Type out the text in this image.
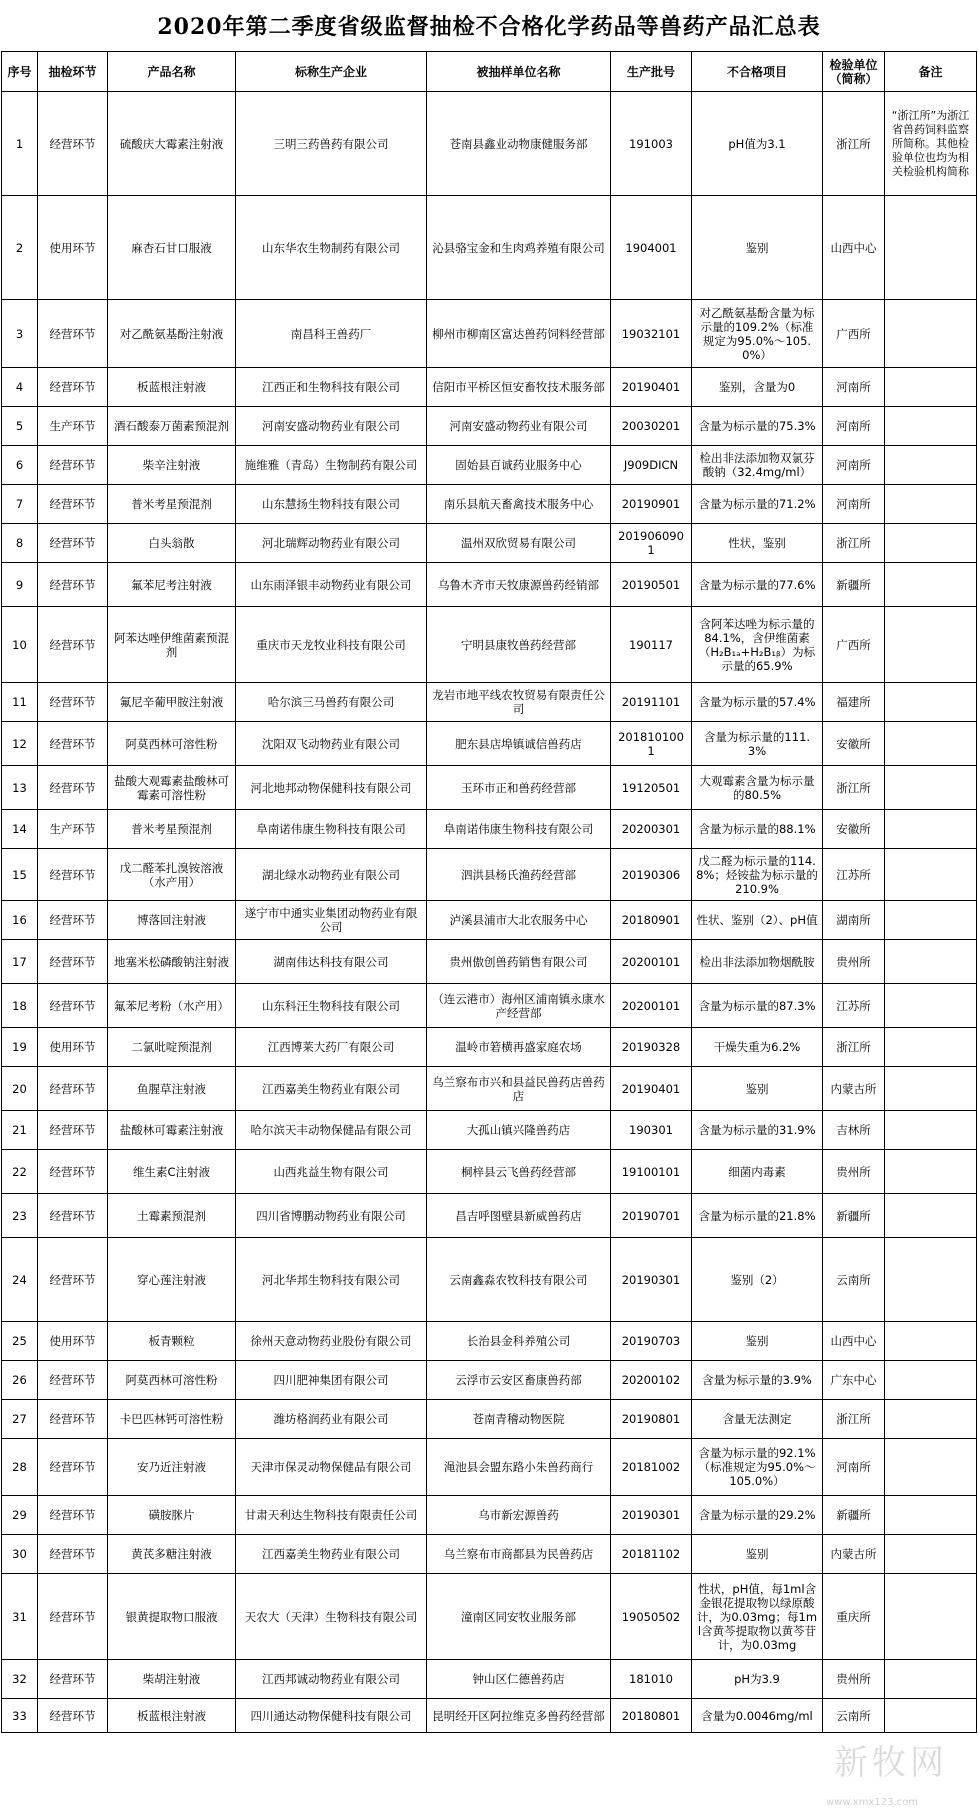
2020年第二季度省级监督抽检不合格化学药品等兽药产品汇总表
序号	抽检环节	产品名称	标称生产企业	被抽样单位名称	生产批号	不合格项目	检验单位（简称）	备注
1	经营环节	硫酸庆大霉素注射液	三明三药兽药有限公司	苍南县鑫业动物康健服务部	191003	pH值为3.1	浙江所	“浙江所”为浙江省兽药饲料监察所简称。其他检验单位也均为相关检验机构简称
2	使用环节	麻杏石甘口服液	山东华农生物制药有限公司	沁县骆宝金和生肉鸡养殖有限公司	1904001	鉴别	山西中心	
3	经营环节	对乙酰氨基酚注射液	南昌科王兽药厂	柳州市柳南区富达兽药饲料经营部	19032101	对乙酰氨基酚含量为标示量的109.2%（标准规定为95.0%～105.0%）	广西所	
4	经营环节	板蓝根注射液	江西正和生物科技有限公司	信阳市平桥区恒安畜牧技术服务部	20190401	鉴别，含量为0	河南所	
5	生产环节	酒石酸泰万菌素预混剂	河南安盛动物药业有限公司	河南安盛动物药业有限公司	20030201	含量为标示量的75.3%	河南所	
6	经营环节	柴辛注射液	施维雅（青岛）生物制药有限公司	固始县百诚药业服务中心	J909DICN	检出非法添加物双氯芬酸钠（32.4mg/ml）	河南所	
7	经营环节	普米考星预混剂	山东慧扬生物科技有限公司	南乐县航天畜禽技术服务中心	20190901	含量为标示量的71.2%	河南所	
8	经营环节	白头翁散	河北瑞辉动物药业有限公司	温州双欣贸易有限公司	2019060901	性状，鉴别	浙江所	
9	经营环节	氟苯尼考注射液	山东雨泽银丰动物药业有限公司	乌鲁木齐市天牧康源兽药经销部	20190501	含量为标示量的77.6%	新疆所	
10	经营环节	阿苯达唑伊维菌素预混剂	重庆市天龙牧业科技有限公司	宁明县康牧兽药经营部	190117	含阿苯达唑为标示量的84.1%，含伊维菌素（H₂B₁ₐ+H₂B₁ᵦ）为标示量的65.9%	广西所	
11	经营环节	氟尼辛葡甲胺注射液	哈尔滨三马兽药有限公司	龙岩市地平线农牧贸易有限责任公司	20191101	含量为标示量的57.4%	福建所	
12	经营环节	阿莫西林可溶性粉	沈阳双飞动物药业有限公司	肥东县店埠镇诚信兽药店	2018101001	含量为标示量的111.3%	安徽所	
13	经营环节	盐酸大观霉素盐酸林可霉素可溶性粉	河北地邦动物保健科技有限公司	玉环市正和兽药经营部	19120501	大观霉素含量为标示量的80.5%	浙江所	
14	生产环节	普米考星预混剂	阜南诺伟康生物科技有限公司	阜南诺伟康生物科技有限公司	20200301	含量为标示量的88.1%	安徽所	
15	经营环节	戊二醛苯扎溴铵溶液（水产用）	湖北绿水动物药业有限公司	泗洪县杨氏渔药经营部	20190306	戊二醛为标示量的114.8%；烃铵盐为标示量的210.9%	江苏所	
16	经营环节	博落回注射液	遂宁市中通实业集团动物药业有限公司	泸溪县浦市大北农服务中心	20180901	性状、鉴别（2）、pH值	湖南所	
17	经营环节	地塞米松磷酸钠注射液	湖南伟达科技有限公司	贵州傲创兽药销售有限公司	20200101	检出非法添加物烟酰胺	贵州所	
18	经营环节	氟苯尼考粉（水产用）	山东科汪生物科技有限公司	（连云港市）海州区浦南镇永康水产经营部	20200101	含量为标示量的87.3%	江苏所	
19	使用环节	二氯吡啶预混剂	江西博莱大药厂有限公司	温岭市箬横再盛家庭农场	20190328	干燥失重为6.2%	浙江所	
20	经营环节	鱼腥草注射液	江西嘉美生物药业有限公司	乌兰察布市兴和县益民兽药店兽药店	20190401	鉴别	内蒙古所	
21	经营环节	盐酸林可霉素注射液	哈尔滨天丰动物保健品有限公司	大孤山镇兴隆兽药店	190301	含量为标示量的31.9%	吉林所	
22	经营环节	维生素C注射液	山西兆益生物有限公司	桐梓县云飞兽药经营部	19100101	细菌内毒素	贵州所	
23	经营环节	土霉素预混剂	四川省博鹏动物药业有限公司	昌吉呼图壁县新威兽药店	20190701	含量为标示量的21.8%	新疆所	
24	经营环节	穿心莲注射液	河北华邦生物科技有限公司	云南鑫淼农牧科技有限公司	20190301	鉴别（2）	云南所	
25	使用环节	板青颗粒	徐州天意动物药业股份有限公司	长治县金科养殖公司	20190703	鉴别	山西中心	
26	经营环节	阿莫西林可溶性粉	四川肥神集团有限公司	云浮市云安区畜康兽药部	20200102	含量为标示量的3.9%	广东中心	
27	经营环节	卡巴匹林钙可溶性粉	潍坊格润药业有限公司	苍南青稽动物医院	20190801	含量无法测定	浙江所	
28	经营环节	安乃近注射液	天津市保灵动物保健品有限公司	渑池县会盟东路小朱兽药商行	20181002	含量为标示量的92.1%（标准规定为95.0%～105.0%）	河南所	
29	经营环节	磺胺脒片	甘肃天利达生物科技有限责任公司	乌市新宏源兽药	20190301	含量为标示量的29.2%	新疆所	
30	经营环节	黄芪多糖注射液	江西嘉美生物药业有限公司	乌兰察布市商都县为民兽药店	20181102	鉴别	内蒙古所	
31	经营环节	银黄提取物口服液	天农大（天津）生物科技有限公司	潼南区同安牧业服务部	19050502	性状，pH值，每1ml含金银花提取物以绿原酸计，为0.03mg；每1ml含黄芩提取物以黄芩苷计，为0.03mg	重庆所	
32	经营环节	柴胡注射液	江西邦诚动物药业有限公司	钟山区仁德兽药店	181010	pH为3.9	贵州所	
33	经营环节	板蓝根注射液	四川通达动物保健科技有限公司	昆明经开区阿拉维克多兽药经营部	20180801	含量为0.0046mg/ml	云南所	
新牧网
www.xmx123.com
